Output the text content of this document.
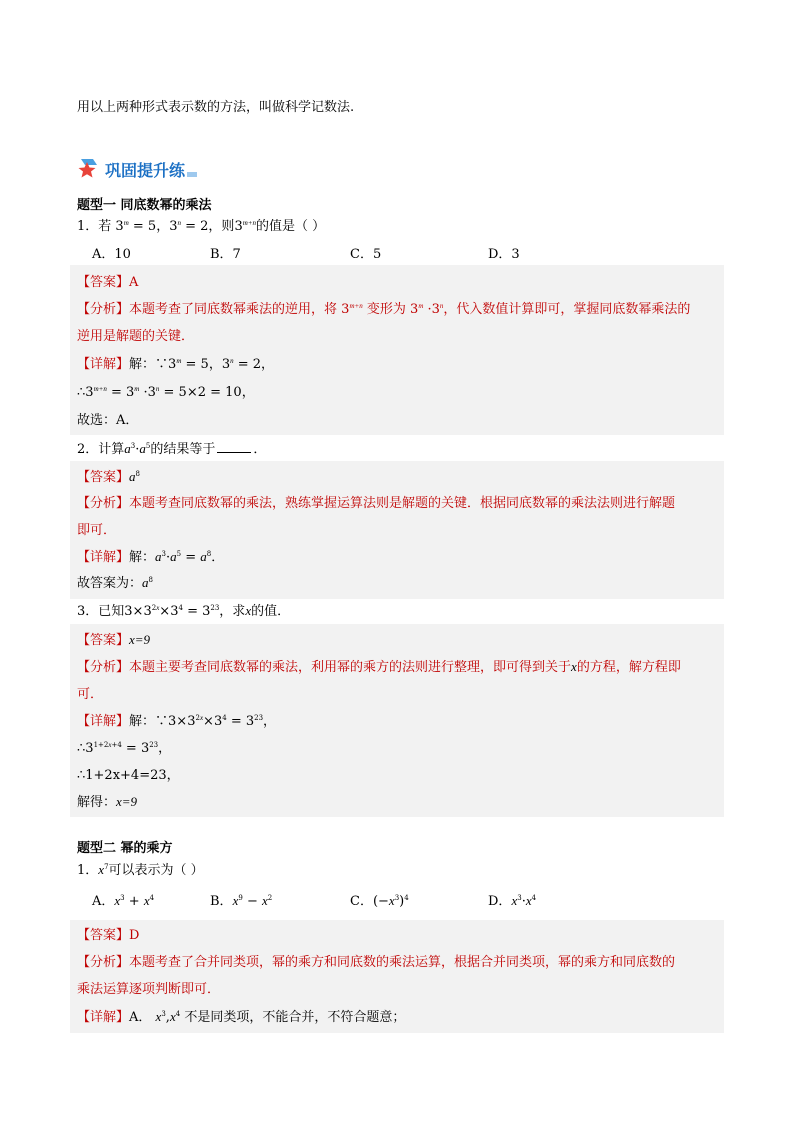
用以上两种形式表示数的方法，叫做科学记数法.
巩固提升练
题型一 同底数幂的乘法
1．若 $3^m = 5$，$3^n = 2$，则$3^{m+n}$的值是（ ）
A．10	B．7	C．5	D．3
【答案】A
【分析】本题考查了同底数幂乘法的逆用，将 $3^{m+n}$ 变形为 $3^m \cdot 3^n$，代入数值计算即可，掌握同底数幂乘法的
逆用是解题的关键．
【详解】解：$\because 3^m = 5$，$3^n = 2$，
$\therefore 3^{m+n} = 3^m \cdot 3^n = 5\times 2 = 10$，
故选：A．
2．计算$a^3\cdot a^5$的结果等于	．
【答案】$a^8$
【分析】本题考查同底数幂的乘法，熟练掌握运算法则是解题的关键．根据同底数幂的乘法法则进行解题
即可．
【详解】解：$a^3\cdot a^5 = a^8$．
故答案为：$a^8$
3．已知$3\times 3^{2x}\times 3^4 = 3^{23}$，求x的值．
【答案】x=9
【分析】本题主要考查同底数幂的乘法，利用幂的乘方的法则进行整理，即可得到关于x的方程，解方程即
可．
【详解】解：$\because 3\times 3^{2x}\times 3^4 = 3^{23}$，
$\therefore 3^{1+2x+4} = 3^{23}$，
∴1+2x+4=23，
解得：x=9
题型二 幂的乘方
1．$x^7$可以表示为（ ）
A．$x^3 + x^4$	B．$x^9 - x^2$	C．$(-x^3)^4$	D．$x^3\cdot x^4$
【答案】D
【分析】本题考查了合并同类项，幂的乘方和同底数的乘法运算，根据合并同类项，幂的乘方和同底数的
乘法运算逐项判断即可．
【详解】A． $x^3,x^4$ 不是同类项，不能合并，不符合题意；
